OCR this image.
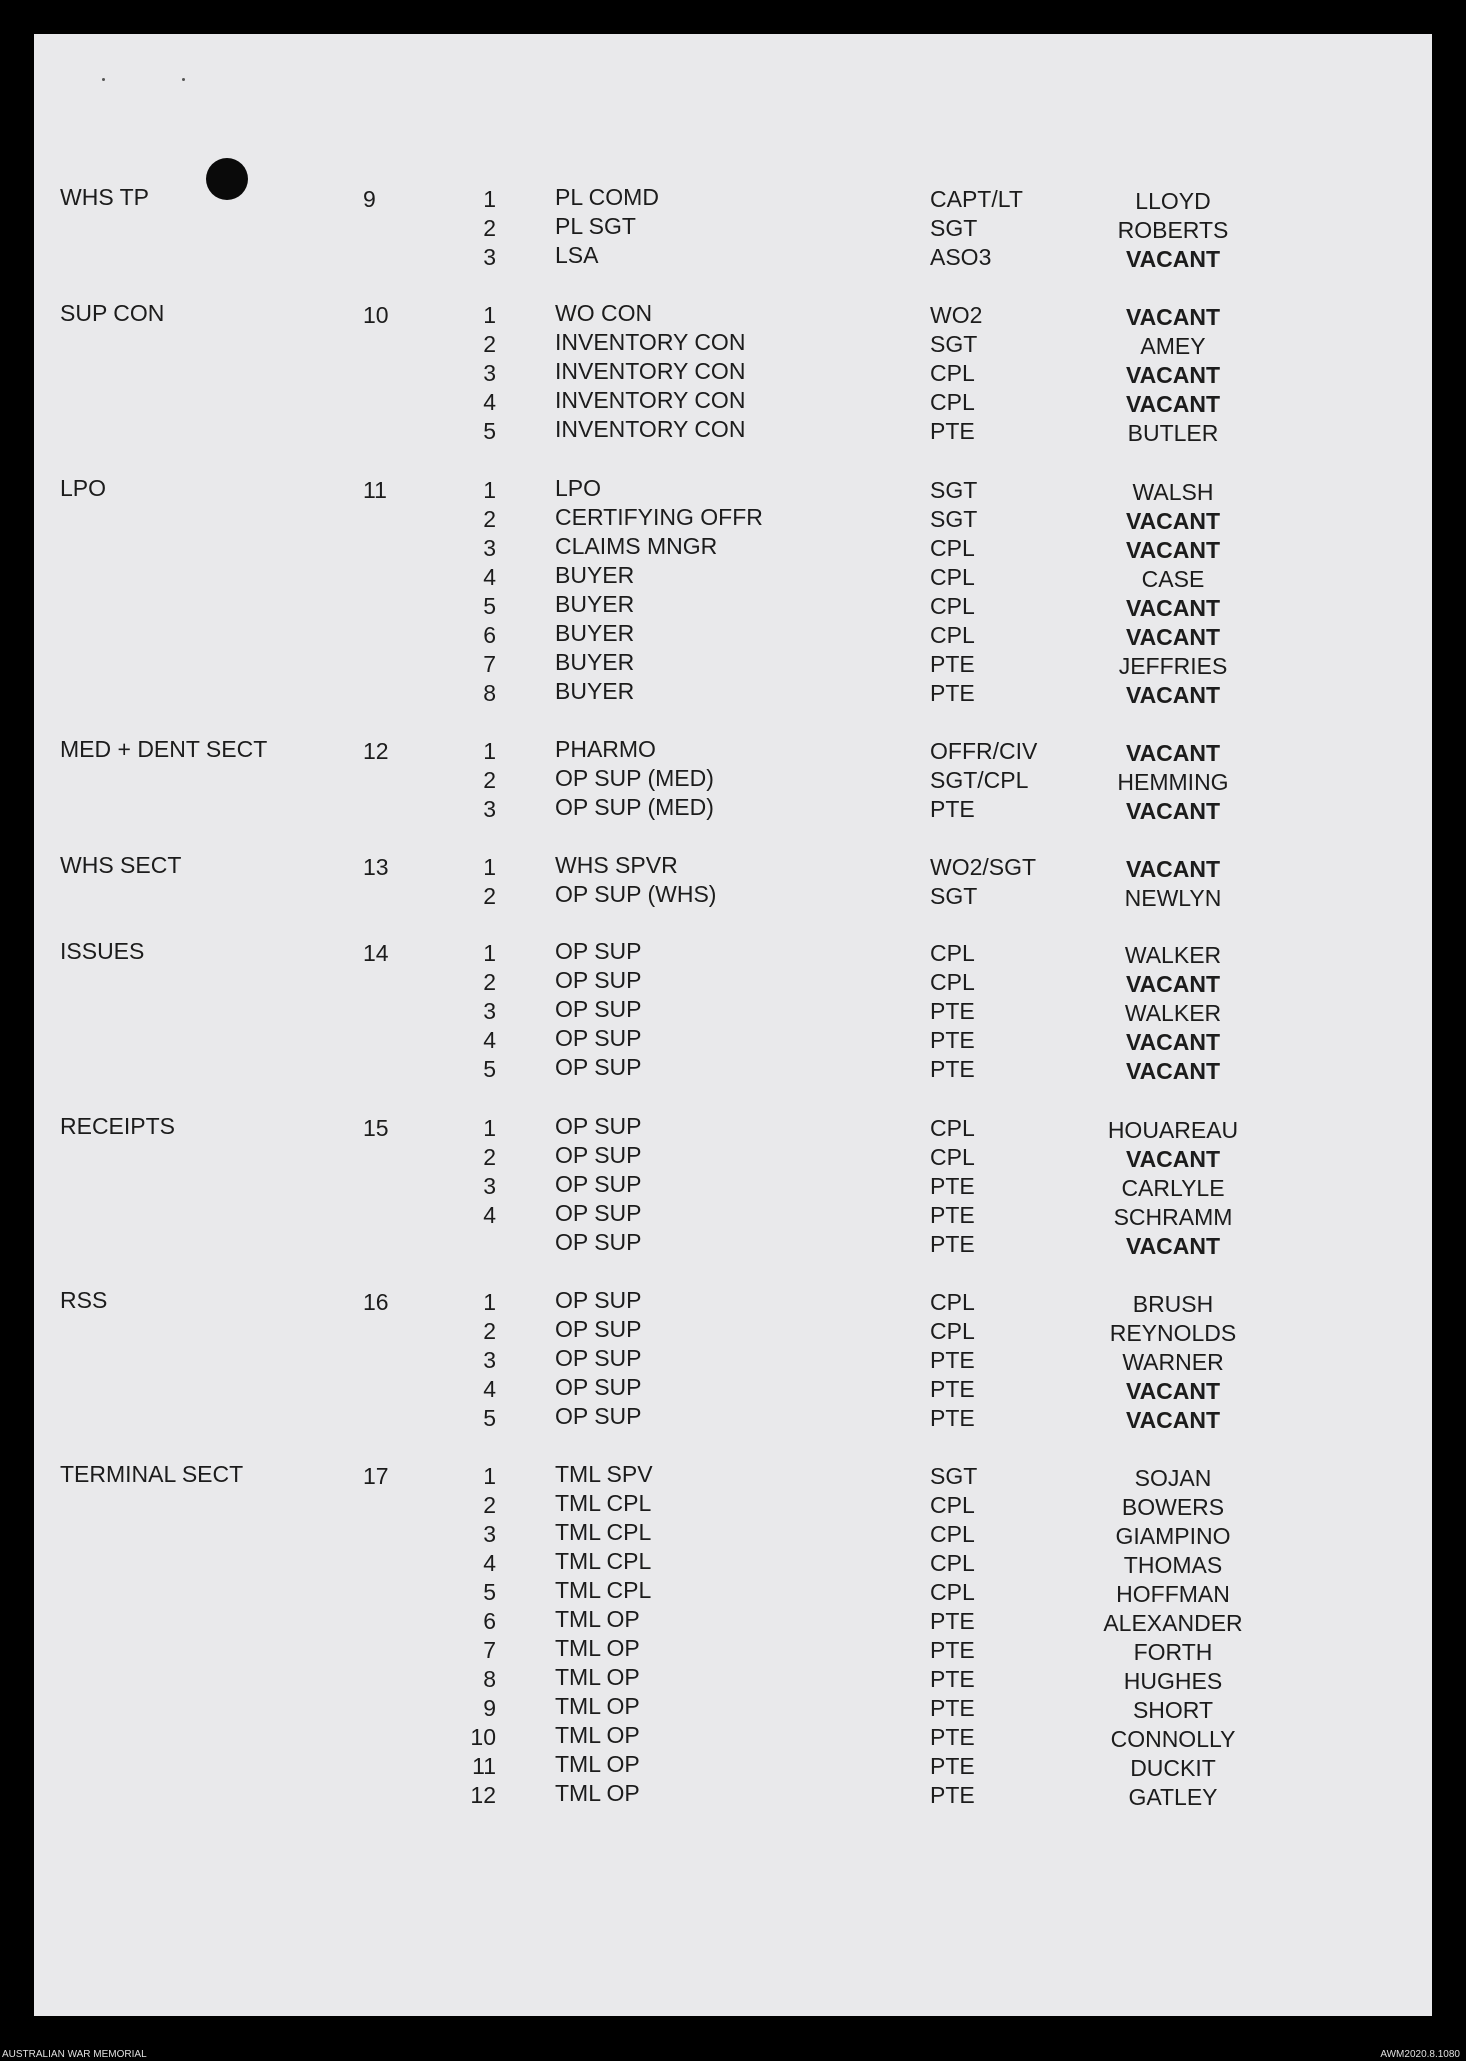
WHS TP	9	1	PL COMD	CAPT/LT	LLOYD
2	PL SGT	SGT	ROBERTS
3	LSA	ASO3	VACANT
SUP CON	10	1	WO CON	WO2	VACANT
2	INVENTORY CON	SGT	AMEY
3	INVENTORY CON	CPL	VACANT
4	INVENTORY CON	CPL	VACANT
5	INVENTORY CON	PTE	BUTLER
LPO	11	1	LPO	SGT	WALSH
2	CERTIFYING OFFR	SGT	VACANT
3	CLAIMS MNGR	CPL	VACANT
4	BUYER	CPL	CASE
5	BUYER	CPL	VACANT
6	BUYER	CPL	VACANT
7	BUYER	PTE	JEFFRIES
8	BUYER	PTE	VACANT
MED + DENT SECT	12	1	PHARMO	OFFR/CIV	VACANT
2	OP SUP (MED)	SGT/CPL	HEMMING
3	OP SUP (MED)	PTE	VACANT
WHS SECT	13	1	WHS SPVR	WO2/SGT	VACANT
2	OP SUP (WHS)	SGT	NEWLYN
ISSUES	14	1	OP SUP	CPL	WALKER
2	OP SUP	CPL	VACANT
3	OP SUP	PTE	WALKER
4	OP SUP	PTE	VACANT
5	OP SUP	PTE	VACANT
RECEIPTS	15	1	OP SUP	CPL	HOUAREAU
2	OP SUP	CPL	VACANT
3	OP SUP	PTE	CARLYLE
4	OP SUP	PTE	SCHRAMM
OP SUP	PTE	VACANT
RSS	16	1	OP SUP	CPL	BRUSH
2	OP SUP	CPL	REYNOLDS
3	OP SUP	PTE	WARNER
4	OP SUP	PTE	VACANT
5	OP SUP	PTE	VACANT
TERMINAL SECT	17	1	TML SPV	SGT	SOJAN
2	TML CPL	CPL	BOWERS
3	TML CPL	CPL	GIAMPINO
4	TML CPL	CPL	THOMAS
5	TML CPL	CPL	HOFFMAN
6	TML OP	PTE	ALEXANDER
7	TML OP	PTE	FORTH
8	TML OP	PTE	HUGHES
9	TML OP	PTE	SHORT
10	TML OP	PTE	CONNOLLY
11	TML OP	PTE	DUCKIT
12	TML OP	PTE	GATLEY
AUSTRALIAN WAR MEMORIAL	AWM2020.8.1080
